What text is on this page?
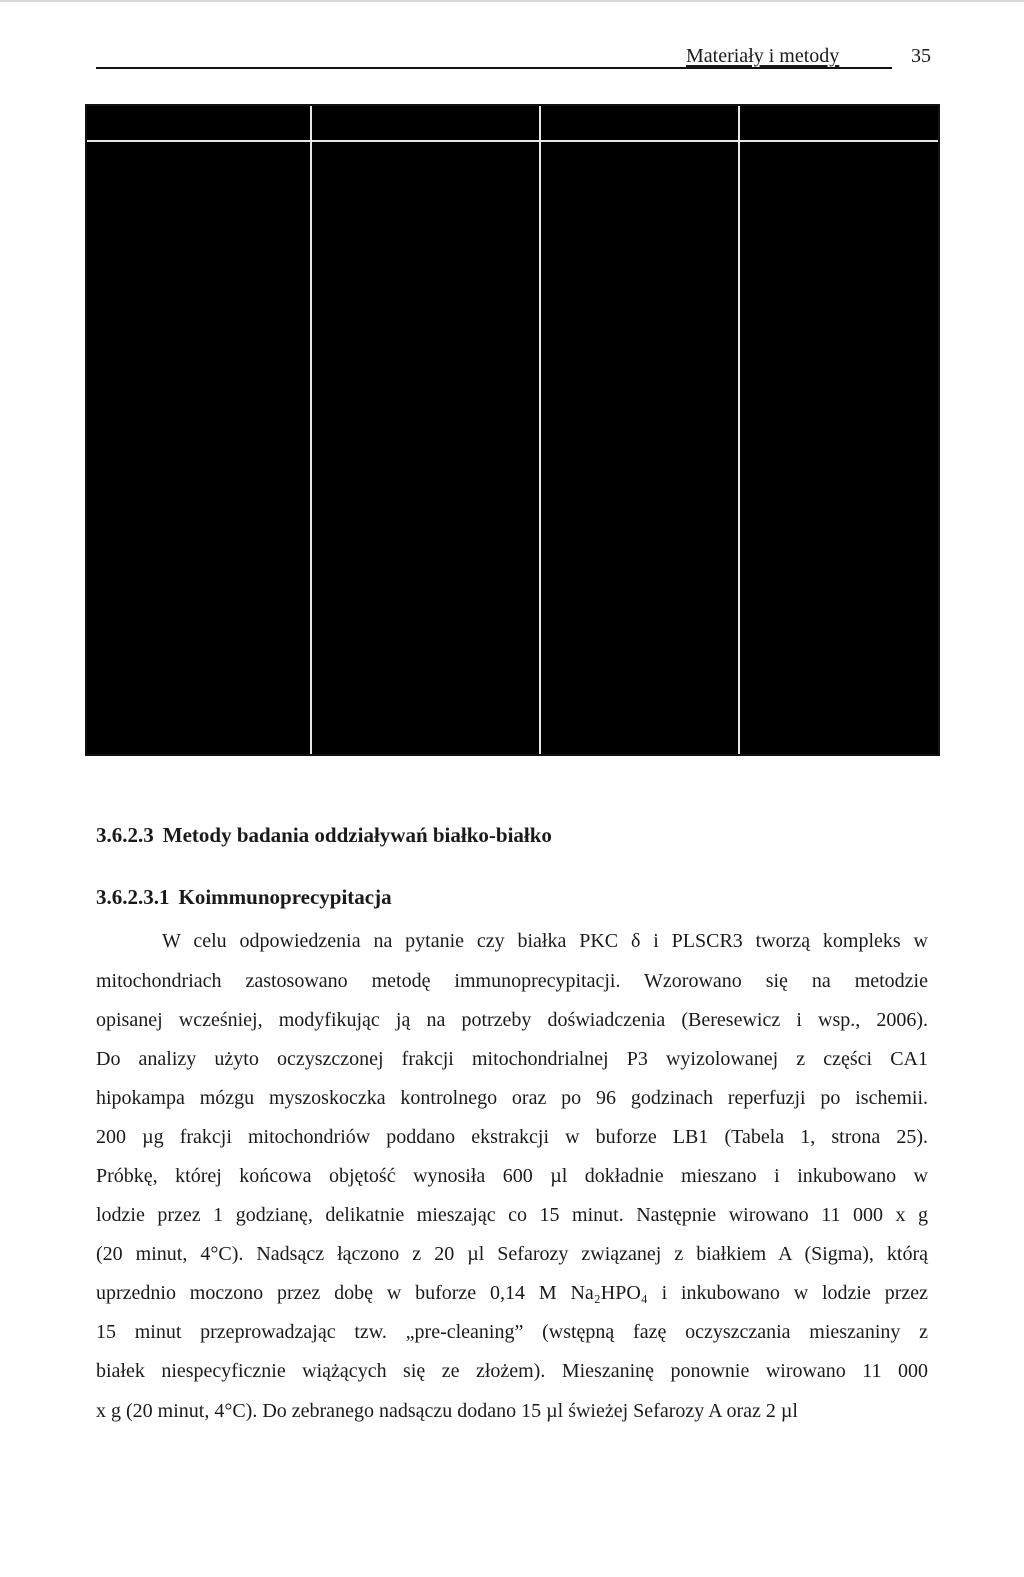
Materiały i metody	35
3.6.2.3 Metody badania oddziaływań białko-białko
3.6.2.3.1 Koimmunoprecypitacja
W celu odpowiedzenia na pytanie czy białka PKC δ i PLSCR3 tworzą kompleks w
mitochondriach zastosowano metodę immunoprecypitacji. Wzorowano się na metodzie
opisanej wcześniej, modyfikując ją na potrzeby doświadczenia (Beresewicz i wsp., 2006).
Do analizy użyto oczyszczonej frakcji mitochondrialnej P3 wyizolowanej z części CA1
hipokampa mózgu myszoskoczka kontrolnego oraz po 96 godzinach reperfuzji po ischemii.
200 µg frakcji mitochondriów poddano ekstrakcji w buforze LB1 (Tabela 1, strona 25).
Próbkę, której końcowa objętość wynosiła 600 µl dokładnie mieszano i inkubowano w
lodzie przez 1 godzianę, delikatnie mieszając co 15 minut. Następnie wirowano 11 000 x g
(20 minut, 4°C). Nadsącz łączono z 20 µl Sefarozy związanej z białkiem A (Sigma), którą
uprzednio moczono przez dobę w buforze 0,14 M Na₂HPO₄ i inkubowano w lodzie przez
15 minut przeprowadzając tzw. „pre-cleaning” (wstępną fazę oczyszczania mieszaniny z
białek niespecyficznie wiążących się ze złożem). Mieszaninę ponownie wirowano 11 000
x g (20 minut, 4°C). Do zebranego nadsączu dodano 15 µl świeżej Sefarozy A oraz 2 µl
